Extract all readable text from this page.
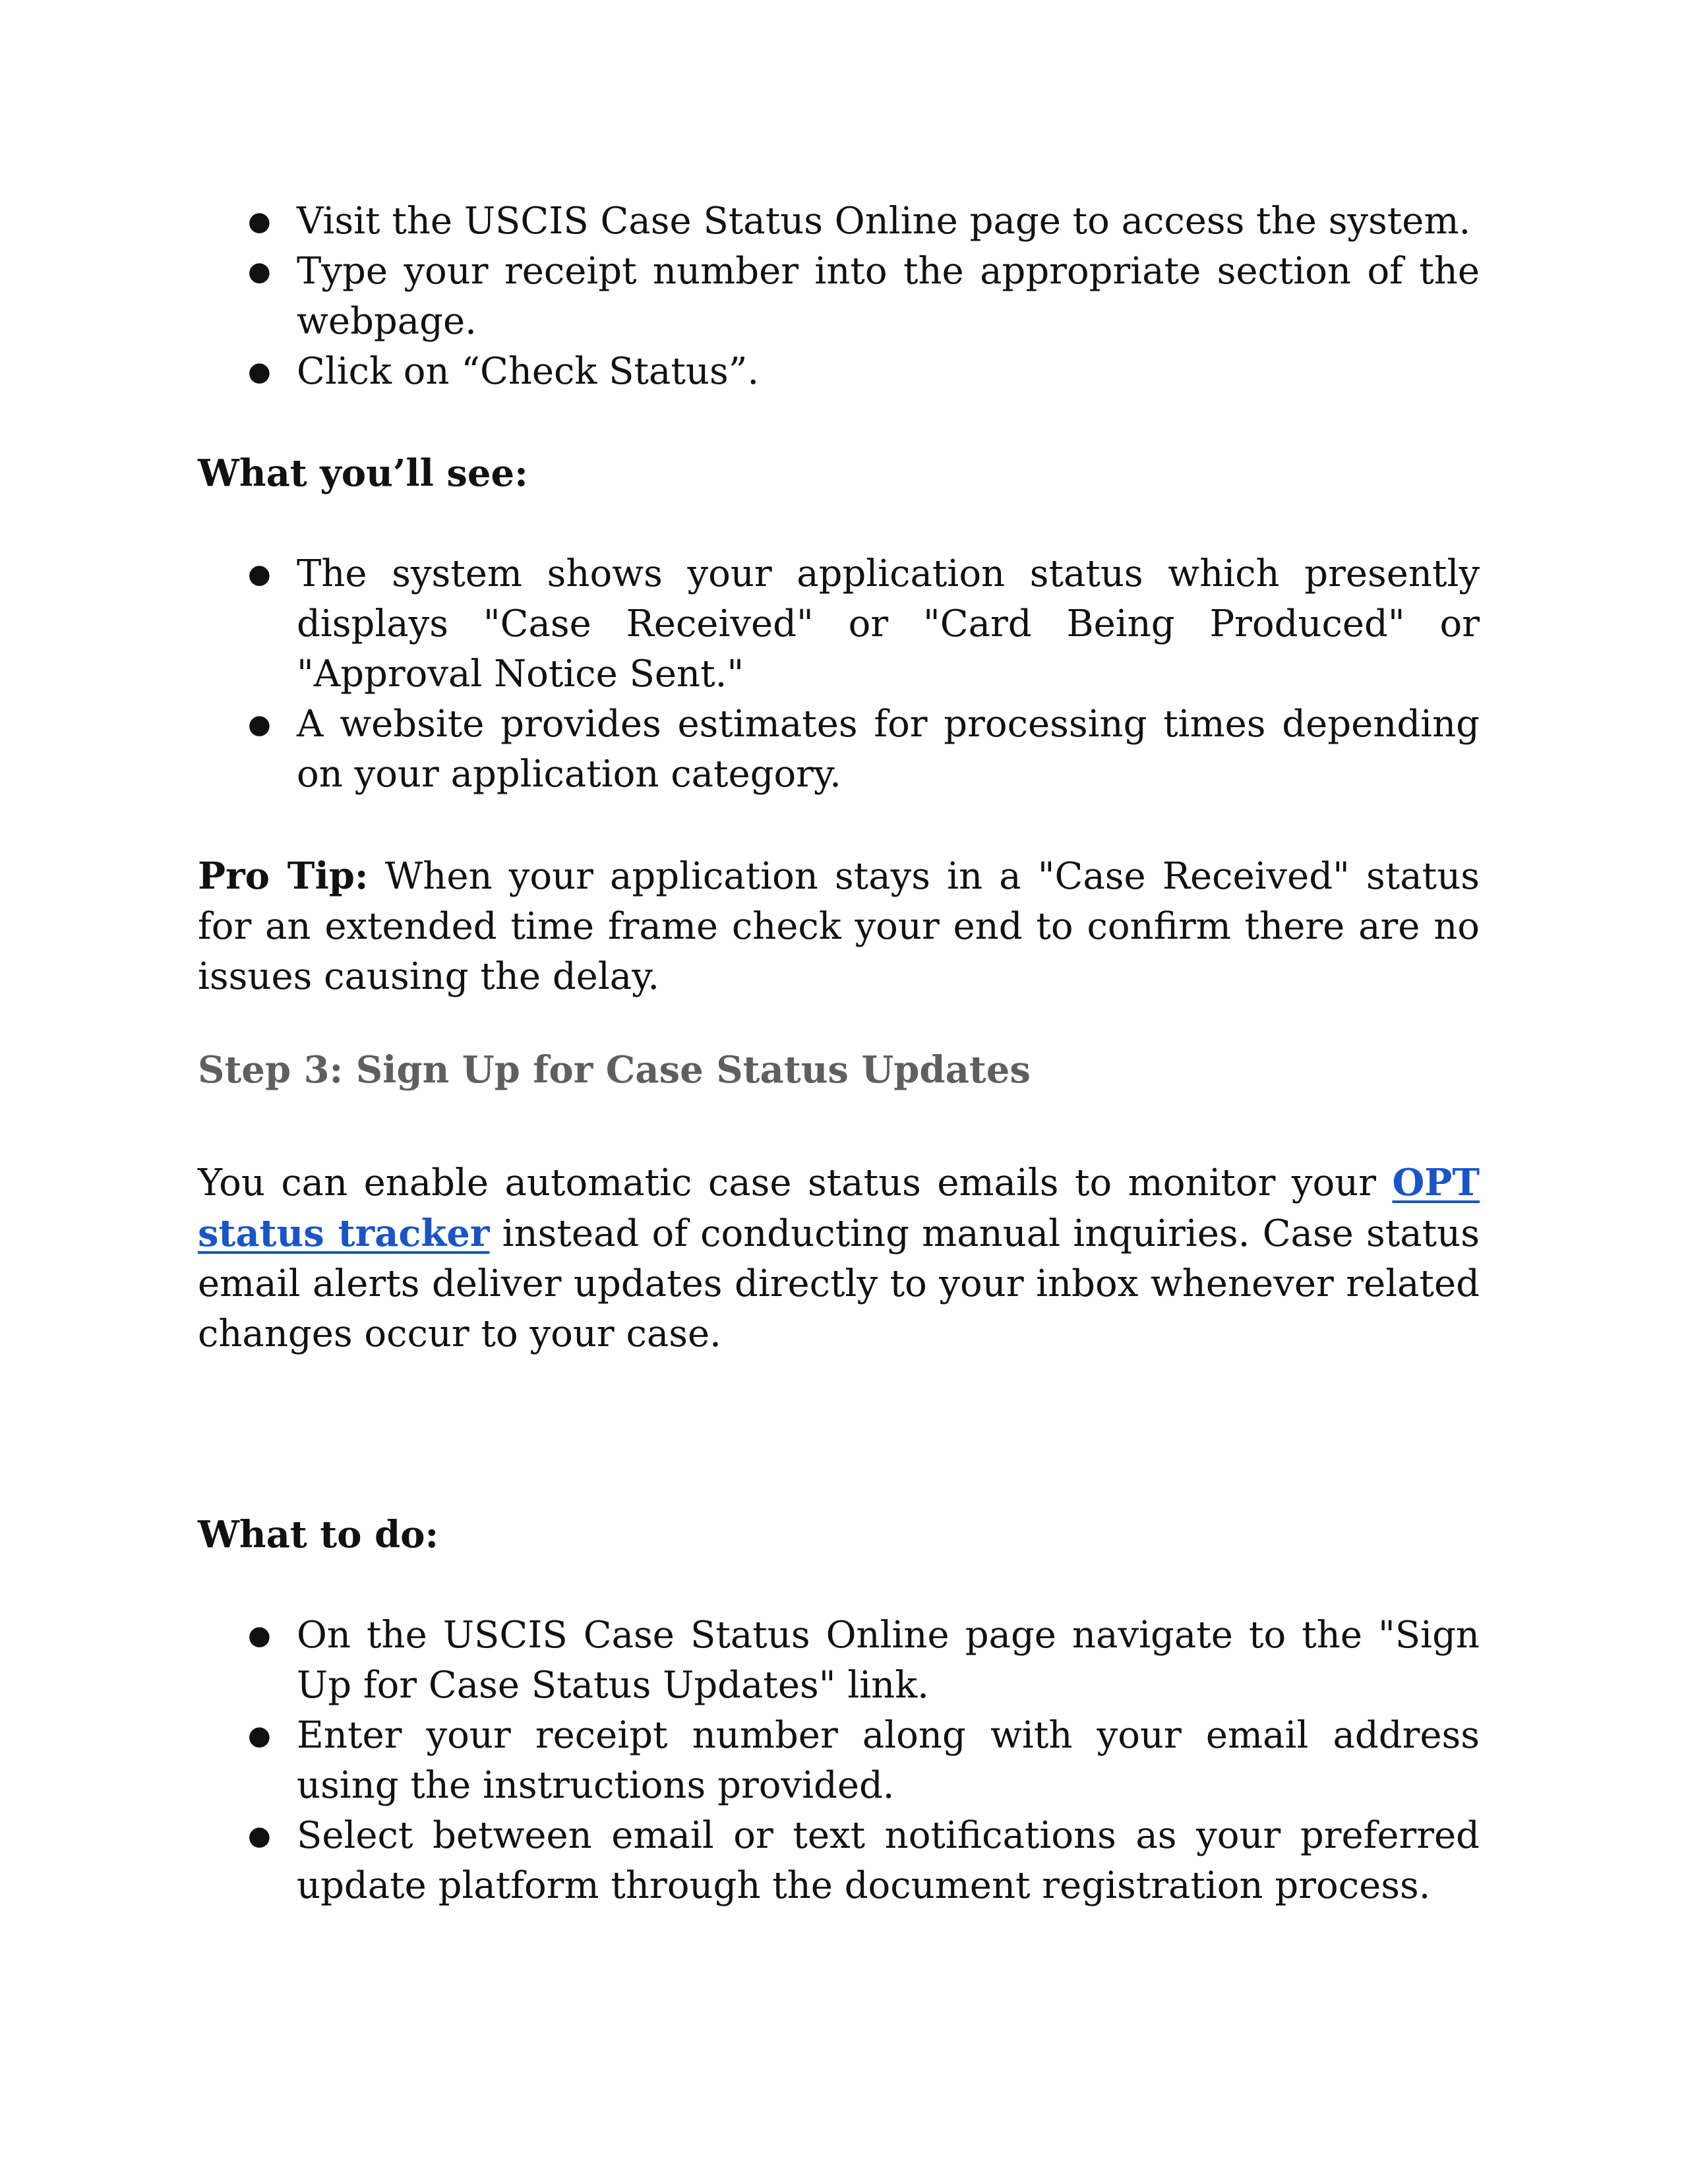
● Visit the USCIS Case Status Online page to access the system.
● Type your receipt number into the appropriate section of the webpage.
● Click on “Check Status”.

What you’ll see:

● The system shows your application status which presently displays "Case Received" or "Card Being Produced" or "Approval Notice Sent."
● A website provides estimates for processing times depending on your application category.

Pro Tip: When your application stays in a "Case Received" status for an extended time frame check your end to confirm there are no issues causing the delay.

Step 3: Sign Up for Case Status Updates

You can enable automatic case status emails to monitor your OPT status tracker instead of conducting manual inquiries. Case status email alerts deliver updates directly to your inbox whenever related changes occur to your case.

What to do:

● On the USCIS Case Status Online page navigate to the "Sign Up for Case Status Updates" link.
● Enter your receipt number along with your email address using the instructions provided.
● Select between email or text notifications as your preferred update platform through the document registration process.
